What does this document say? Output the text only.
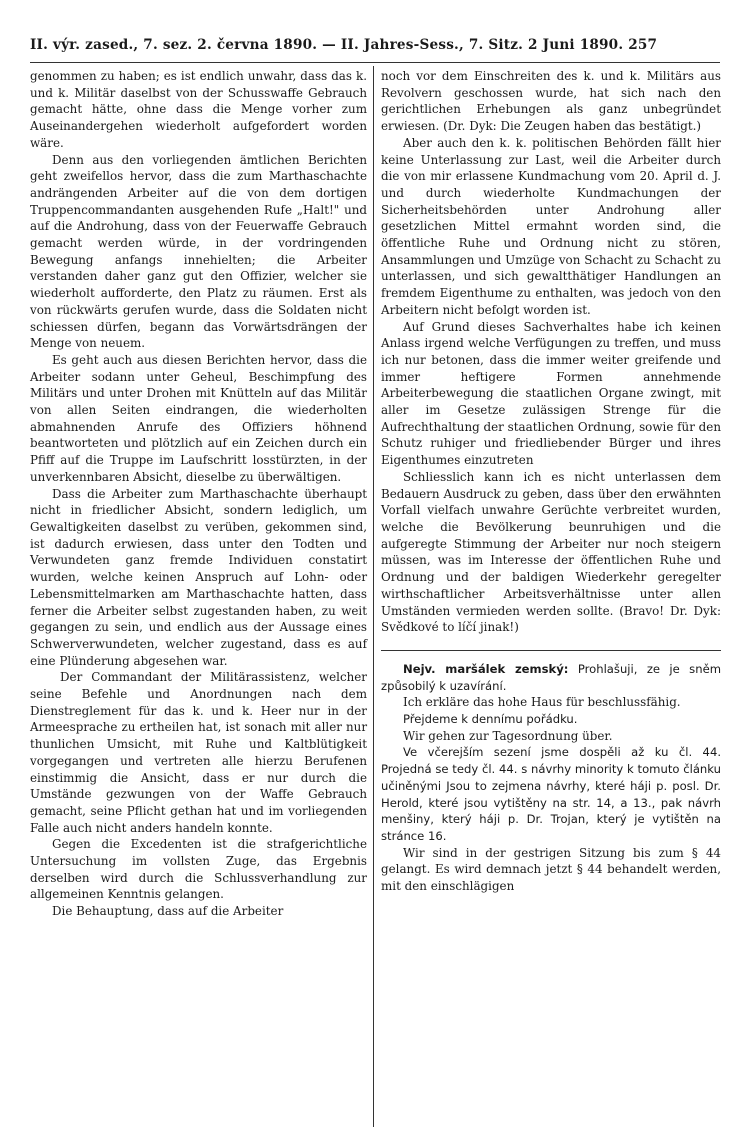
II. výr. zased., 7. sez. 2. června 1890. — II. Jahres-Sess., 7. Sitz. 2 Juni 1890. 257

genommen zu haben; es ist endlich unwahr, dass das k. und k. Militär daselbst von der Schusswaffe Gebrauch gemacht hätte, ohne dass die Menge vorher zum Auseinandergehen wiederholt aufgefordert worden wäre.

Denn aus den vorliegenden ämtlichen Berichten geht zweifellos hervor, dass die zum Marthaschachte andrängenden Arbeiter auf die von dem dortigen Truppencommandanten ausgehenden Rufe „Halt!" und auf die Androhung, dass von der Feuerwaffe Gebrauch gemacht werden würde, in der vordringenden Bewegung anfangs innehielten; die Arbeiter verstanden daher ganz gut den Offizier, welcher sie wiederholt aufforderte, den Platz zu räumen. Erst als von rückwärts gerufen wurde, dass die Soldaten nicht schiessen dürfen, begann das Vorwärtsdrängen der Menge von neuem.

Es geht auch aus diesen Berichten hervor, dass die Arbeiter sodann unter Geheul, Beschimpfung des Militärs und unter Drohen mit Knütteln auf das Militär von allen Seiten eindrangen, die wiederholten abmahnenden Anrufe des Offiziers höhnend beantworteten und plötzlich auf ein Zeichen durch ein Pfiff auf die Truppe im Laufschritt losstürzten, in der unverkennbaren Absicht, dieselbe zu überwältigen.

Dass die Arbeiter zum Marthaschachte überhaupt nicht in friedlicher Absicht, sondern lediglich, um Gewaltigkeiten daselbst zu verüben, gekommen sind, ist dadurch erwiesen, dass unter den Todten und Verwundeten ganz fremde Individuen constatirt wurden, welche keinen Anspruch auf Lohn- oder Lebensmittelmarken am Marthaschachte hatten, dass ferner die Arbeiter selbst zugestanden haben, zu weit gegangen zu sein, und endlich aus der Aussage eines Schwerverwundeten, welcher zugestand, dass es auf eine Plünderung abgesehen war.

Der Commandant der Militärassistenz, welcher seine Befehle und Anordnungen nach dem Dienstreglement für das k. und k. Heer nur in der Armeesprache zu ertheilen hat, ist sonach mit aller nur thunlichen Umsicht, mit Ruhe und Kaltblütigkeit vorgegangen und vertreten alle hierzu Berufenen einstimmig die Ansicht, dass er nur durch die Umstände gezwungen von der Waffe Gebrauch gemacht, seine Pflicht gethan hat und im vorliegenden Falle auch nicht anders handeln konnte.

Gegen die Excedenten ist die strafgerichtliche Untersuchung im vollsten Zuge, das Ergebnis derselben wird durch die Schlussverhandlung zur allgemeinen Kenntnis gelangen.

Die Behauptung, dass auf die Arbeiter

noch vor dem Einschreiten des k. und k. Militärs aus Revolvern geschossen wurde, hat sich nach den gerichtlichen Erhebungen als ganz unbegründet erwiesen. (Dr. Dyk: Die Zeugen haben das bestätigt.)

Aber auch den k. k. politischen Behörden fällt hier keine Unterlassung zur Last, weil die Arbeiter durch die von mir erlassene Kundmachung vom 20. April d. J. und durch wiederholte Kundmachungen der Sicherheitsbehörden unter Androhung aller gesetzlichen Mittel ermahnt worden sind, die öffentliche Ruhe und Ordnung nicht zu stören, Ansammlungen und Umzüge von Schacht zu Schacht zu unterlassen, und sich gewaltthätiger Handlungen an fremdem Eigenthume zu enthalten, was jedoch von den Arbeitern nicht befolgt worden ist.

Auf Grund dieses Sachverhaltes habe ich keinen Anlass irgend welche Verfügungen zu treffen, und muss ich nur betonen, dass die immer weiter greifende und immer heftigere Formen annehmende Arbeiterbewegung die staatlichen Organe zwingt, mit aller im Gesetze zulässigen Strenge für die Aufrechthaltung der staatlichen Ordnung, sowie für den Schutz ruhiger und friedliebender Bürger und ihres Eigenthumes einzutreten

Schliesslich kann ich es nicht unterlassen dem Bedauern Ausdruck zu geben, dass über den erwähnten Vorfall vielfach unwahre Gerüchte verbreitet wurden, welche die Bevölkerung beunruhigen und die aufgeregte Stimmung der Arbeiter nur noch steigern müssen, was im Interesse der öffentlichen Ruhe und Ordnung und der baldigen Wiederkehr geregelter wirthschaftlicher Arbeitsverhältnisse unter allen Umständen vermieden werden sollte. (Bravo! Dr. Dyk: Svědkové to líčí jinak!)

Nejv. maršálek zemský: Prohlašuji, ze je sněm způsobilý k uzavírání.

Ich erkläre das hohe Haus für beschlussfähig.

Přejdeme k dennímu pořádku.

Wir gehen zur Tagesordnung über.

Ve včerejším sezení jsme dospěli až ku čl. 44. Projedná se tedy čl. 44. s návrhy minority k tomuto článku učiněnými Jsou to zejmena návrhy, které háji p. posl. Dr. Herold, které jsou vytištěny na str. 14, a 13., pak návrh menšiny, který háji p. Dr. Trojan, který je vytištěn na stránce 16.

Wir sind in der gestrigen Sitzung bis zum § 44 gelangt. Es wird demnach jetzt § 44 behandelt werden, mit den einschlägigen
